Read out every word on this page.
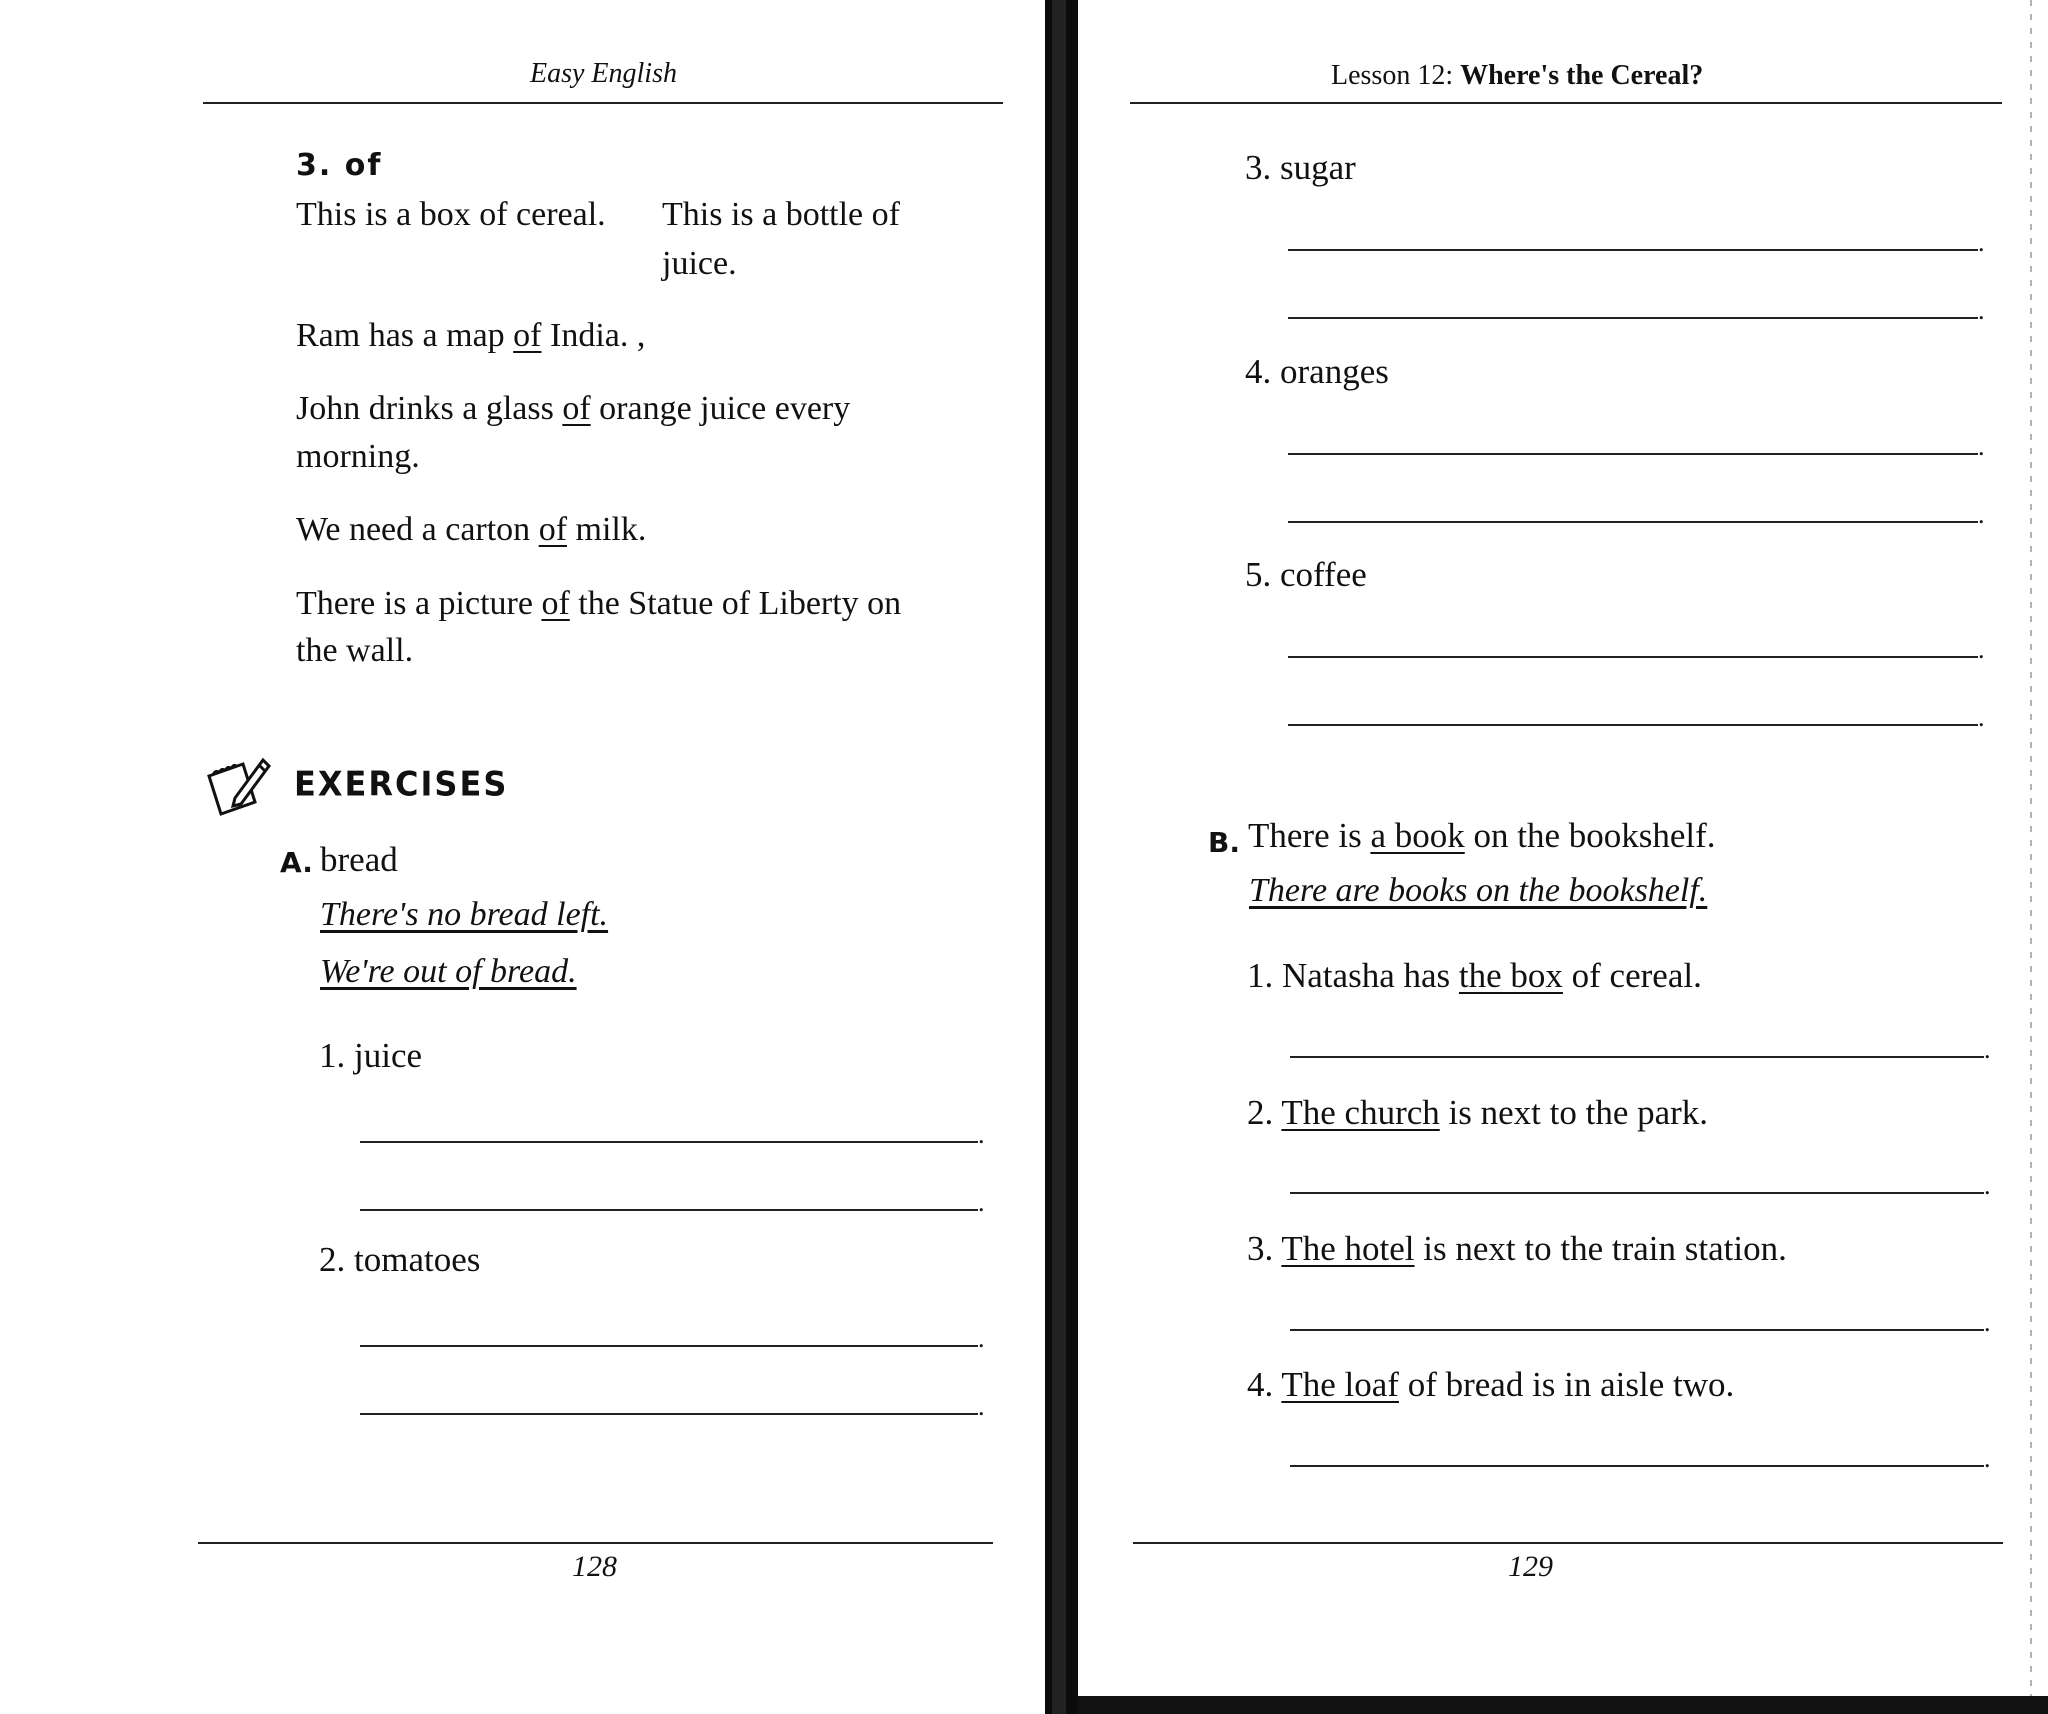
Easy English
3. of
This is a box of cereal. This is a bottle of
juice.
Ram has a map of India. ,
John drinks a glass of orange juice every
morning.
We need a carton of milk.
There is a picture of the Statue of Liberty on
the wall.
EXERCISES
A. bread
There's no bread left.
We're out of bread.
1. juice
.
.
2. tomatoes
.
.
128
Lesson 12: Where's the Cereal?
3. sugar
.
.
4. oranges
.
.
5. coffee
.
.
B. There is a book on the bookshelf.
There are books on the bookshelf.
1. Natasha has the box of cereal.
.
2. The church is next to the park.
.
3. The hotel is next to the train station.
.
4. The loaf of bread is in aisle two.
.
129
